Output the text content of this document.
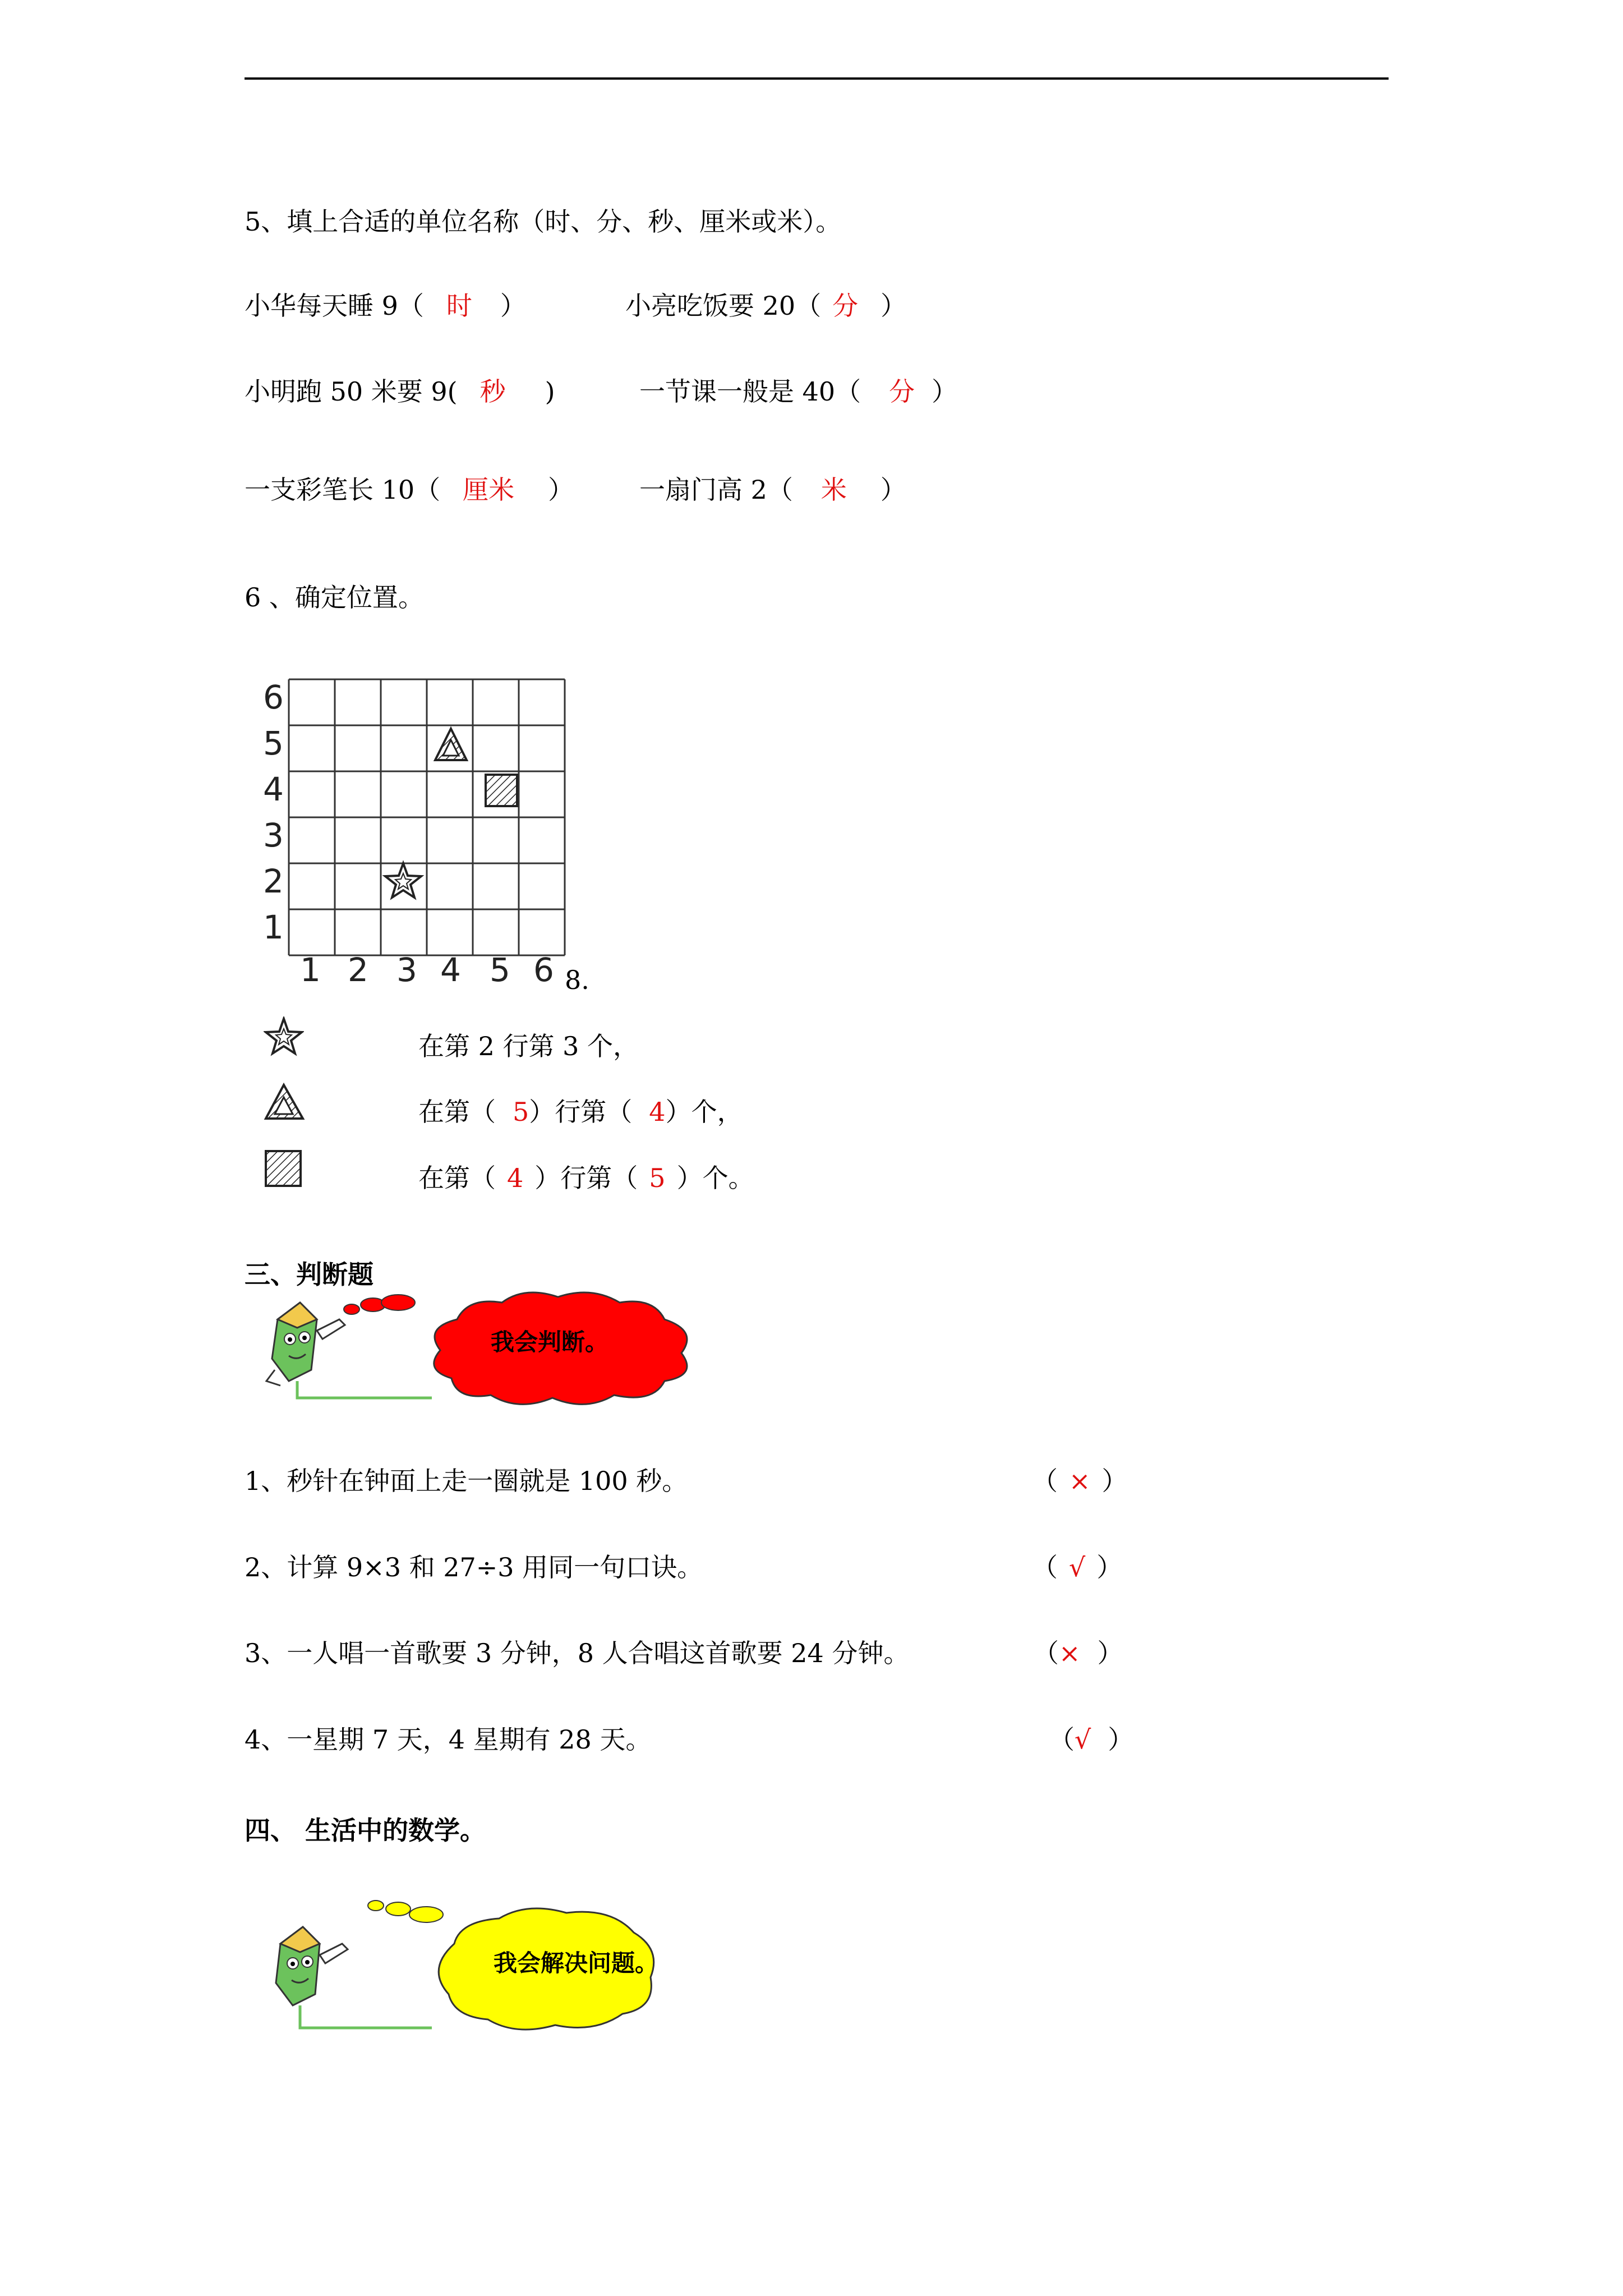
5、填上合适的单位名称（时、分、秒、厘米或米）。
小华每天睡 9（ 时 ）	小亮吃饭要 20（ 分 ）
小明跑 50 米要 9( 秒 )	一节课一般是 40（ 分 ）
一支彩笔长 10（ 厘米 ）	一扇门高 2（ 米 ）
6 、确定位置。
6
5
4
3
2
1
1 2 3 4 5 6 8.
在第 2 行第 3 个，
在第（ 5）行第（ 4）个，
在第（ 4 ）行第（ 5 ）个。
三、判断题
我会判断。
1、秒针在钟面上走一圈就是 100 秒。	（ × ）
2、计算 9×3 和 27÷3 用同一句口诀。	（ √ ）
3、一人唱一首歌要 3 分钟，8 人合唱这首歌要 24 分钟。	（× ）
4、一星期 7 天，4 星期有 28 天。	（√ ）
四、 生活中的数学。
我会解决问题。
